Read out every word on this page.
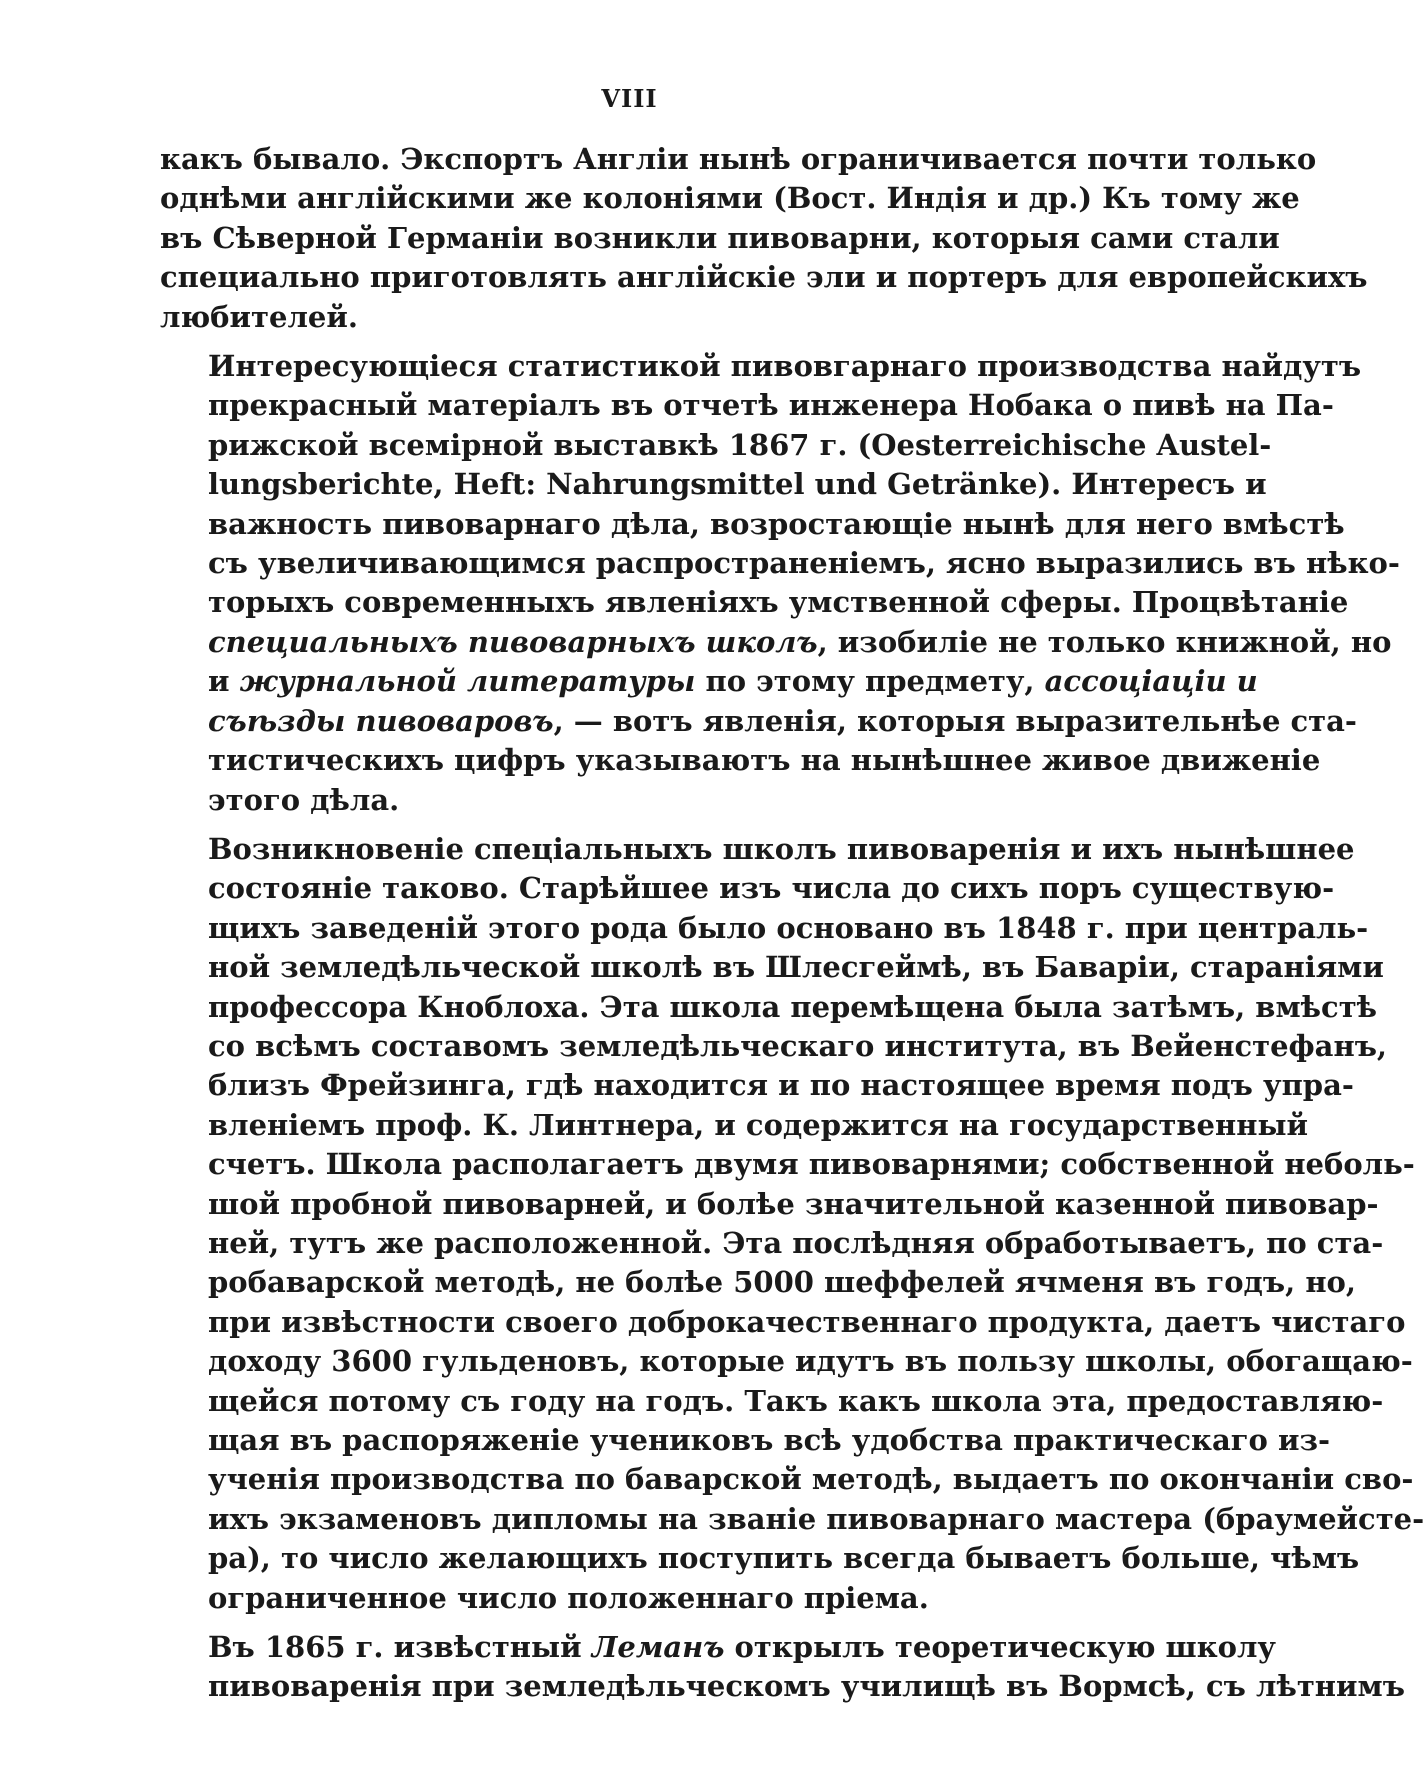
VIII
какъ бывало. Экспортъ Англіи нынѣ ограничивается почти только
однѣми англійскими же колоніями (Вост. Индія и др.) Къ тому же
въ Сѣверной Германіи возникли пивоварни, которыя сами стали
специально приготовлять англійскіе эли и портеръ для европейскихъ
любителей.
Интересующіеся статистикой пивовгарнаго производства найдутъ
прекрасный матеріалъ въ отчетѣ инженера Нобака о пивѣ на Па-
рижской всемірной выставкѣ 1867 г. (Oesterreichische Austel-
lungsberichte, Heft: Nahrungsmittel und Getränke). Интересъ и
важность пивоварнаго дѣла, возростающіе нынѣ для него вмѣстѣ
съ увеличивающимся распространеніемъ, ясно выразились въ нѣко-
торыхъ современныхъ явленіяхъ умственной сферы. Процвѣтаніе
специальныхъ пивоварныхъ школъ, изобиліе не только книжной, но
и журнальной литературы по этому предмету, ассоціаціи и
съѣзды пивоваровъ, — вотъ явленія, которыя выразительнѣе ста-
тистическихъ цифръ указываютъ на нынѣшнее живое движеніе
этого дѣла.
Возникновеніе спеціальныхъ школъ пивоваренія и ихъ нынѣшнее
состояніе таково. Старѣйшее изъ числа до сихъ поръ существую-
щихъ заведеній этого рода было основано въ 1848 г. при централь-
ной земледѣльческой школѣ въ Шлесгеймѣ, въ Баваріи, стараніями
профессора Кноблоха. Эта школа перемѣщена была затѣмъ, вмѣстѣ
со всѣмъ составомъ земледѣльческаго института, въ Вейенстефанъ,
близъ Фрейзинга, гдѣ находится и по настоящее время подъ упра-
вленіемъ проф. К. Линтнера, и содержится на государственный
счетъ. Школа располагаетъ двумя пивоварнями; собственной неболь-
шой пробной пивоварней, и болѣе значительной казенной пивовар-
ней, тутъ же расположенной. Эта послѣдняя обработываетъ, по ста-
робаварской методѣ, не болѣе 5000 шеффелей ячменя въ годъ, но,
при извѣстности своего доброкачественнаго продукта, даетъ чистаго
доходу 3600 гульденовъ, которые идутъ въ пользу школы, обогащаю-
щейся потому съ году на годъ. Такъ какъ школа эта, предоставляю-
щая въ распоряженіе учениковъ всѣ удобства практическаго из-
ученія производства по баварской методѣ, выдаетъ по окончаніи сво-
ихъ экзаменовъ дипломы на званіе пивоварнаго мастера (браумейсте-
ра), то число желающихъ поступить всегда бываетъ больше, чѣмъ
ограниченное число положеннаго пріема.
Въ 1865 г. извѣстный Леманъ открылъ теоретическую школу
пивоваренія при земледѣльческомъ училищѣ въ Вормсѣ, съ лѣтнимъ
